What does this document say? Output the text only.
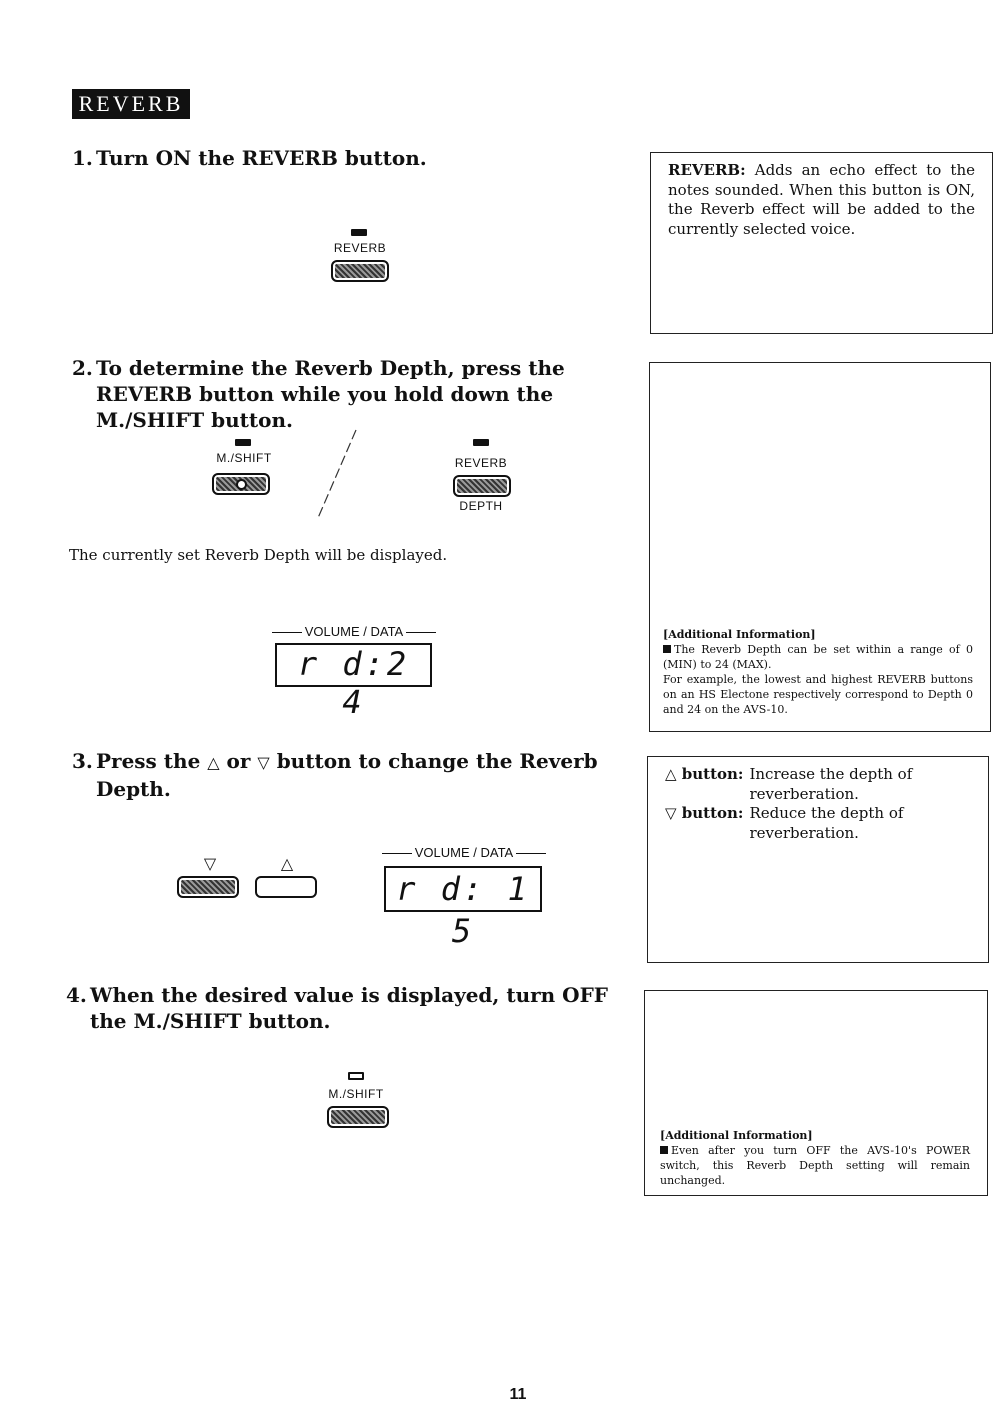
REVERB
1. Turn ON the REVERB button.
REVERB
2. To determine the Reverb Depth, press the REVERB button while you hold down the M./SHIFT button.
M./SHIFT	REVERB
DEPTH
The currently set Reverb Depth will be displayed.
VOLUME / DATA
r d:2 4
3. Press the △ or ▽ button to change the Reverb Depth.
▽	△
VOLUME / DATA
r d: 1 5
4. When the desired value is displayed, turn OFF the M./SHIFT button.
M./SHIFT
REVERB: Adds an echo effect to the notes sounded. When this button is ON, the Reverb effect will be added to the currently selected voice.
[Additional Information]
The Reverb Depth can be set within a range of 0 (MIN) to 24 (MAX).
For example, the lowest and highest REVERB buttons on an HS Electone respectively correspond to Depth 0 and 24 on the AVS-10.
△ button: Increase the depth of reverberation.
▽ button: Reduce the depth of reverberation.
[Additional Information]
Even after you turn OFF the AVS-10's POWER switch, this Reverb Depth setting will remain unchanged.
11
